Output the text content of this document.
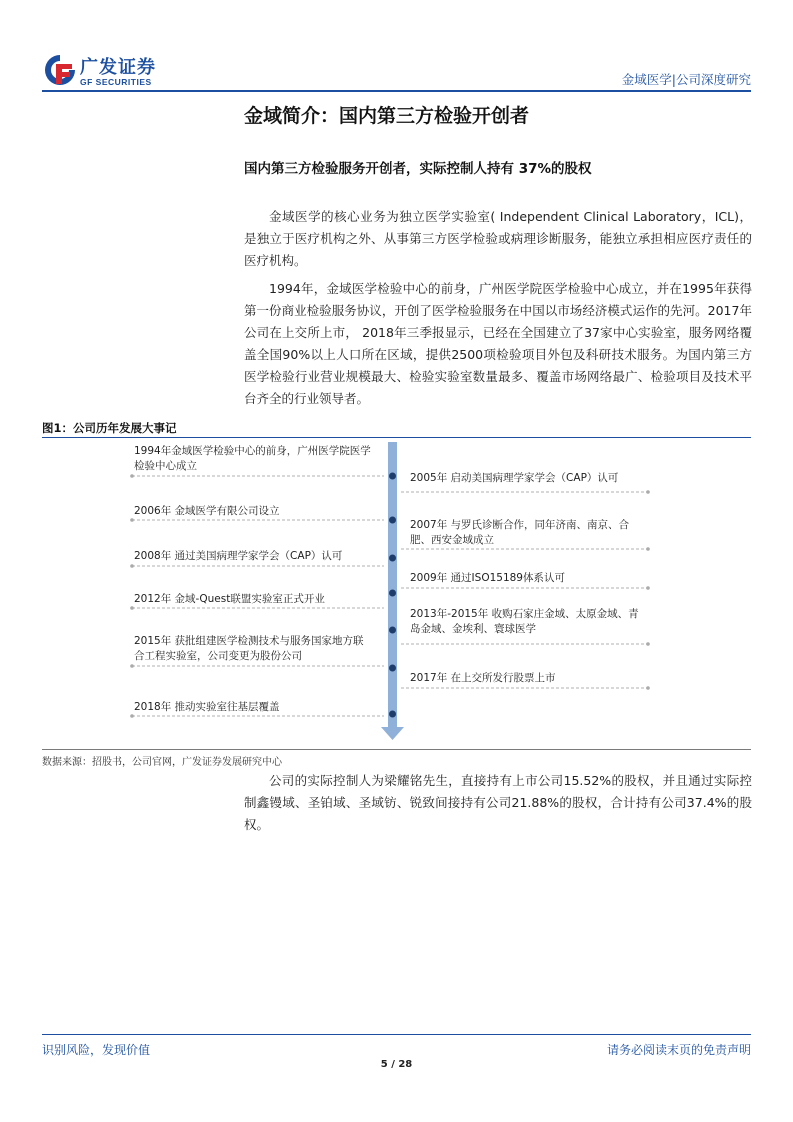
广发证券
GF SECURITIES	金域医学|公司深度研究
金域简介：国内第三方检验开创者
国内第三方检验服务开创者，实际控制人持有 37%的股权

金域医学的核心业务为独立医学实验室( Independent Clinical Laboratory，ICL)，是独立于医疗机构之外、从事第三方医学检验或病理诊断服务，能独立承担相应医疗责任的医疗机构。

1994年，金域医学检验中心的前身，广州医学院医学检验中心成立，并在1995年获得第一份商业检验服务协议，开创了医学检验服务在中国以市场经济模式运作的先河。2017年公司在上交所上市， 2018年三季报显示，已经在全国建立了37家中心实验室，服务网络覆盖全国90%以上人口所在区域，提供2500项检验项目外包及科研技术服务。为国内第三方医学检验行业营业规模最大、检验实验室数量最多、覆盖市场网络最广、检验项目及技术平台齐全的行业领导者。

图1：公司历年发展大事记

1994年金域医学检验中心的前身，广州医学院医学检验中心成立

2006年 金域医学有限公司设立

2008年 通过美国病理学家学会（CAP）认可

2012年 金域-Quest联盟实验室正式开业

2015年 获批组建医学检测技术与服务国家地方联合工程实验室，公司变更为股份公司

2018年 推动实验室往基层覆盖

2005年 启动美国病理学家学会（CAP）认可

2007年 与罗氏诊断合作，同年济南、南京、合肥、西安金域成立

2009年 通过ISO15189体系认可

2013年-2015年 收购石家庄金域、太原金域、青岛金域、金埃利、寰球医学

2017年 在上交所发行股票上市

数据来源：招股书，公司官网，广发证券发展研究中心

公司的实际控制人为梁耀铭先生，直接持有上市公司15.52%的股权，并且通过实际控制鑫镘域、圣铂域、圣域钫、锐致间接持有公司21.88%的股权，合计持有公司37.4%的股权。

识别风险，发现价值	请务必阅读末页的免责声明
5 / 28
